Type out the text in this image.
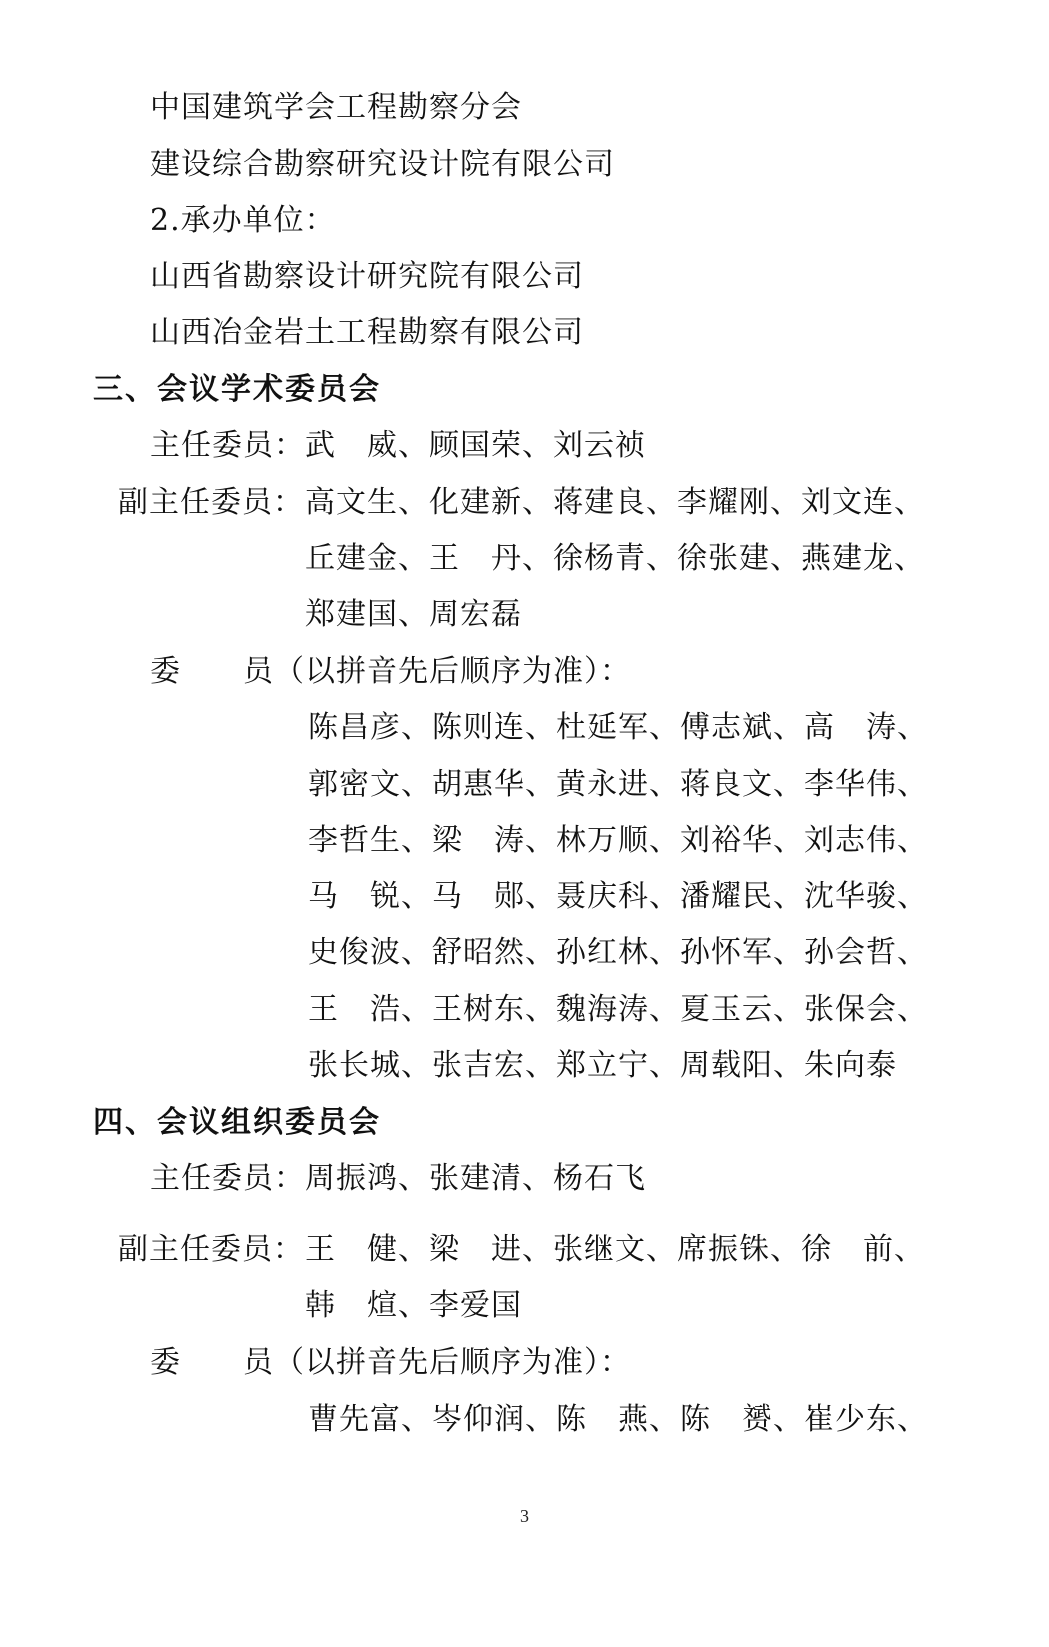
中国建筑学会工程勘察分会
建设综合勘察研究设计院有限公司
2.承办单位：
山西省勘察设计研究院有限公司
山西冶金岩土工程勘察有限公司
三、会议学术委员会
主任委员：武　威、顾国荣、刘云祯
副主任委员： 高文生、化建新、蒋建良、李耀刚、刘文连、
丘建金、王　丹、徐杨青、徐张建、燕建龙、
郑建国、周宏磊
委　　员（以拼音先后顺序为准）：
陈昌彦、陈则连、杜延军、傅志斌、高　涛、
郭密文、胡惠华、黄永进、蒋良文、李华伟、
李哲生、梁　涛、林万顺、刘裕华、刘志伟、
马　锐、马　郧、聂庆科、潘耀民、沈华骏、
史俊波、舒昭然、孙红林、孙怀军、孙会哲、
王　浩、王树东、魏海涛、夏玉云、张保会、
张长城、张吉宏、郑立宁、周载阳、朱向泰
四、会议组织委员会
主任委员：周振鸿、张建清、杨石飞
副主任委员： 王　健、梁　进、张继文、席振铢、徐　前、
韩　煊、李爱国
委　　员（以拼音先后顺序为准）：
曹先富、岑仰润、陈　燕、陈　赟、崔少东、
3
